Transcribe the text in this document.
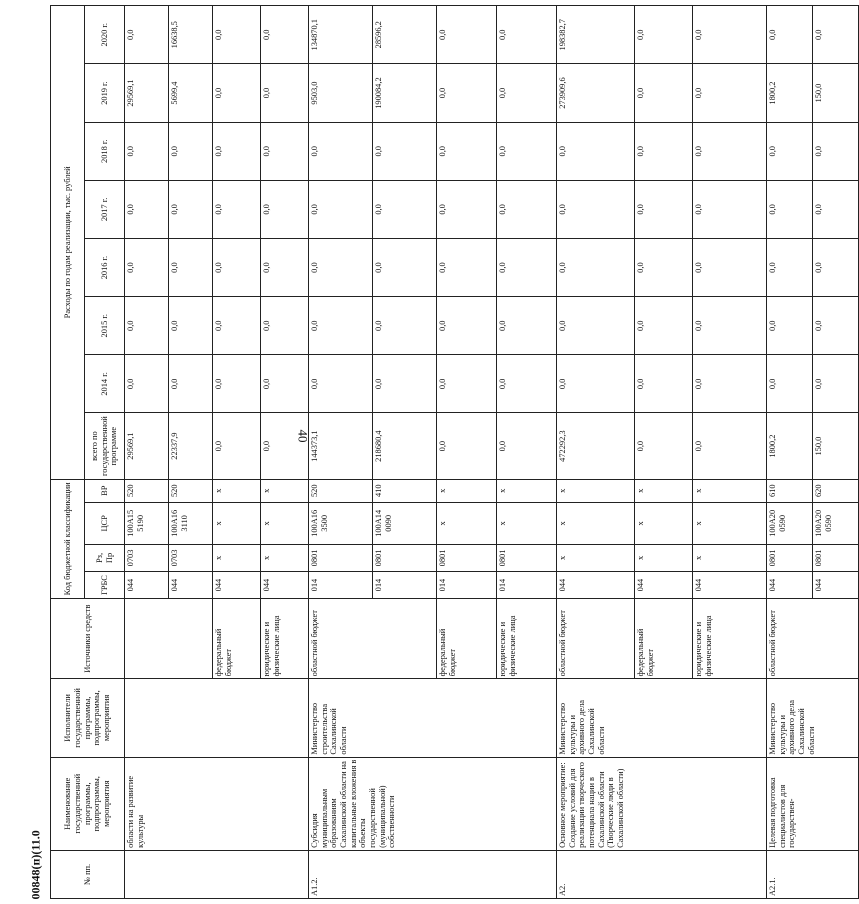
40
00848(п)(11.0	№ пп.	Наименование государственной программы, подпрограммы, мероприятия	Исполнители государственной программы, подпрограммы, мероприятия	Источники средств	Код бюджетной классификации				Расходы по годам реализации, тыс. рублей							
				ГРБС	Рз, Пр	ЦСР	ВР	всего по государственной программе	2014 г.	2015 г.	2016 г.	2017 г.	2018 г.	2019 г.	2020 г.
	области на развитие культуры			044	0703	100А15 5190	520	29569,1	0,0	0,0	0,0	0,0	0,0	29569,1	0,0
				044	0703	100А16 3110	520	22337,9	0,0	0,0	0,0	0,0	0,0	5699,4	16638,5
			федеральный бюджет	044	х	х	х	0,0	0,0	0,0	0,0	0,0	0,0	0,0	0,0
			юридические и физические лица	044	х	х	х	0,0	0,0	0,0	0,0	0,0	0,0	0,0	0,0
А1.2.	Субсидия муниципальным образованиям Сахалинской области на капитальные вложения в объекты государственной (муниципальной) собственности	Министерство строительства Сахалинской области	областной бюджет	014	0801	100А16 3500	520	144373,1	0,0	0,0	0,0	0,0	0,0	9503,0	134870,1
				014	0801	100А14 0090	410	218680,4	0,0	0,0	0,0	0,0	0,0	190084,2	28596,2
			федеральный бюджет	014	0801	х	х	0,0	0,0	0,0	0,0	0,0	0,0	0,0	0,0
			юридические и физические лица	014	0801	х	х	0,0	0,0	0,0	0,0	0,0	0,0	0,0	0,0
А2.	Основное мероприятие: Создание условий для реализации творческого потенциала нации в Сахалинской области (Творческие люди в Сахалинской области)	Министерство культуры и архивного дела Сахалинской области	областной бюджет	044	х	х	х	472292,3	0,0	0,0	0,0	0,0	0,0	273909,6	198382,7
			федеральный бюджет	044	х	х	х	0,0	0,0	0,0	0,0	0,0	0,0	0,0	0,0
			юридические и физические лица	044	х	х	х	0,0	0,0	0,0	0,0	0,0	0,0	0,0	0,0
А2.1.	Целевая подготовка специалистов для государствен-	Министерство культуры и архивного дела Сахалинской области	областной бюджет	044	0801	100А20 0590	610	1800,2	0,0	0,0	0,0	0,0	0,0	1800,2	0,0
				044	0801	100А20 0590	620	150,0	0,0	0,0	0,0	0,0	0,0	150,0	0,0
